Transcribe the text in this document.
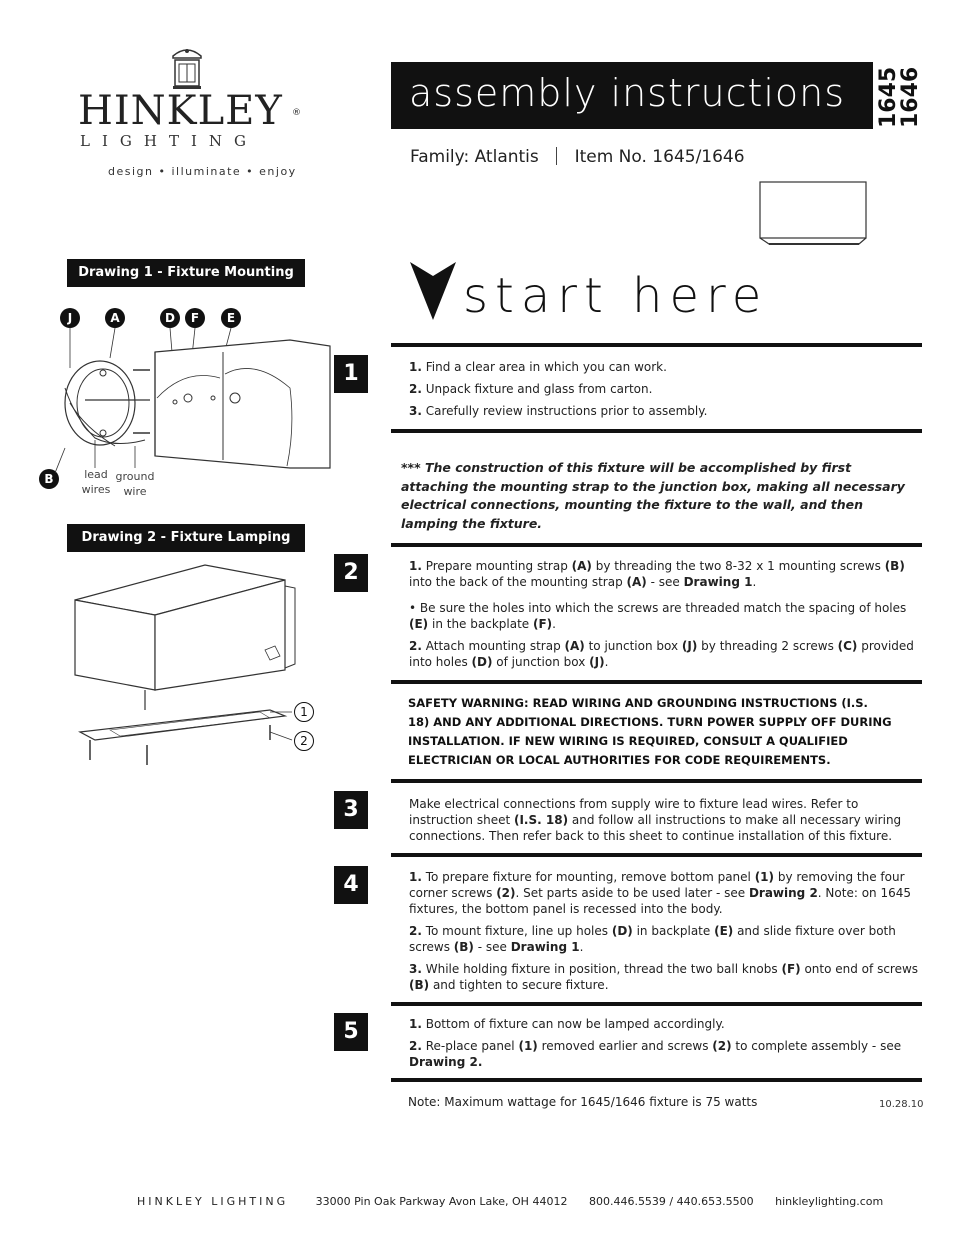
HINKLEY ®
LIGHTING
design • illuminate • enjoy
assembly instructions 1645
1646
Family: Atlantis Item No. 1645/1646
Drawing 1 - Fixture Mounting
J	A	D	F	E
B	lead wires
ground wire
Drawing 2 - Fixture Lamping
1
2
start here
1	1. Find a clear area in which you can work.

2. Unpack fixture and glass from carton.

3. Carefully review instructions prior to assembly.

*** The construction of this fixture will be accomplished by first attaching the mounting strap to the junction box, making all necessary electrical connections, mounting the fixture to the wall, and then lamping the fixture.
2	1. Prepare mounting strap (A) by threading the two 8-32 x 1 mounting screws (B) into the back of the mounting strap (A) - see Drawing 1.

• Be sure the holes into which the screws are threaded match the spacing of holes (E) in the backplate (F).

2. Attach mounting strap (A) to junction box (J) by threading 2 screws (C) provided into holes (D) of junction box (J).

SAFETY WARNING: READ WIRING AND GROUNDING INSTRUCTIONS (I.S. 18) AND ANY ADDITIONAL DIRECTIONS. TURN POWER SUPPLY OFF DURING INSTALLATION. IF NEW WIRING IS REQUIRED, CONSULT A QUALIFIED ELECTRICIAN OR LOCAL AUTHORITIES FOR CODE REQUIREMENTS.
3	Make electrical connections from supply wire to fixture lead wires. Refer to instruction sheet (I.S. 18) and follow all instructions to make all necessary wiring connections. Then refer back to this sheet to continue installation of this fixture.
4	1. To prepare fixture for mounting, remove bottom panel (1) by removing the four corner screws (2). Set parts aside to be used later - see Drawing 2. Note: on 1645 fixtures, the bottom panel is recessed into the body.

2. To mount fixture, line up holes (D) in backplate (E) and slide fixture over both screws (B) - see Drawing 1.

3. While holding fixture in position, thread the two ball knobs (F) onto end of screws (B) and tighten to secure fixture.

5	1. Bottom of fixture can now be lamped accordingly.

2. Re-place panel (1) removed earlier and screws (2) to complete assembly - see Drawing 2.

Note: Maximum wattage for 1645/1646 fixture is 75 watts	10.28.10
HINKLEY LIGHTING	33000 Pin Oak Parkway Avon Lake, OH 44012 800.446.5539 / 440.653.5500 hinkleylighting.com
